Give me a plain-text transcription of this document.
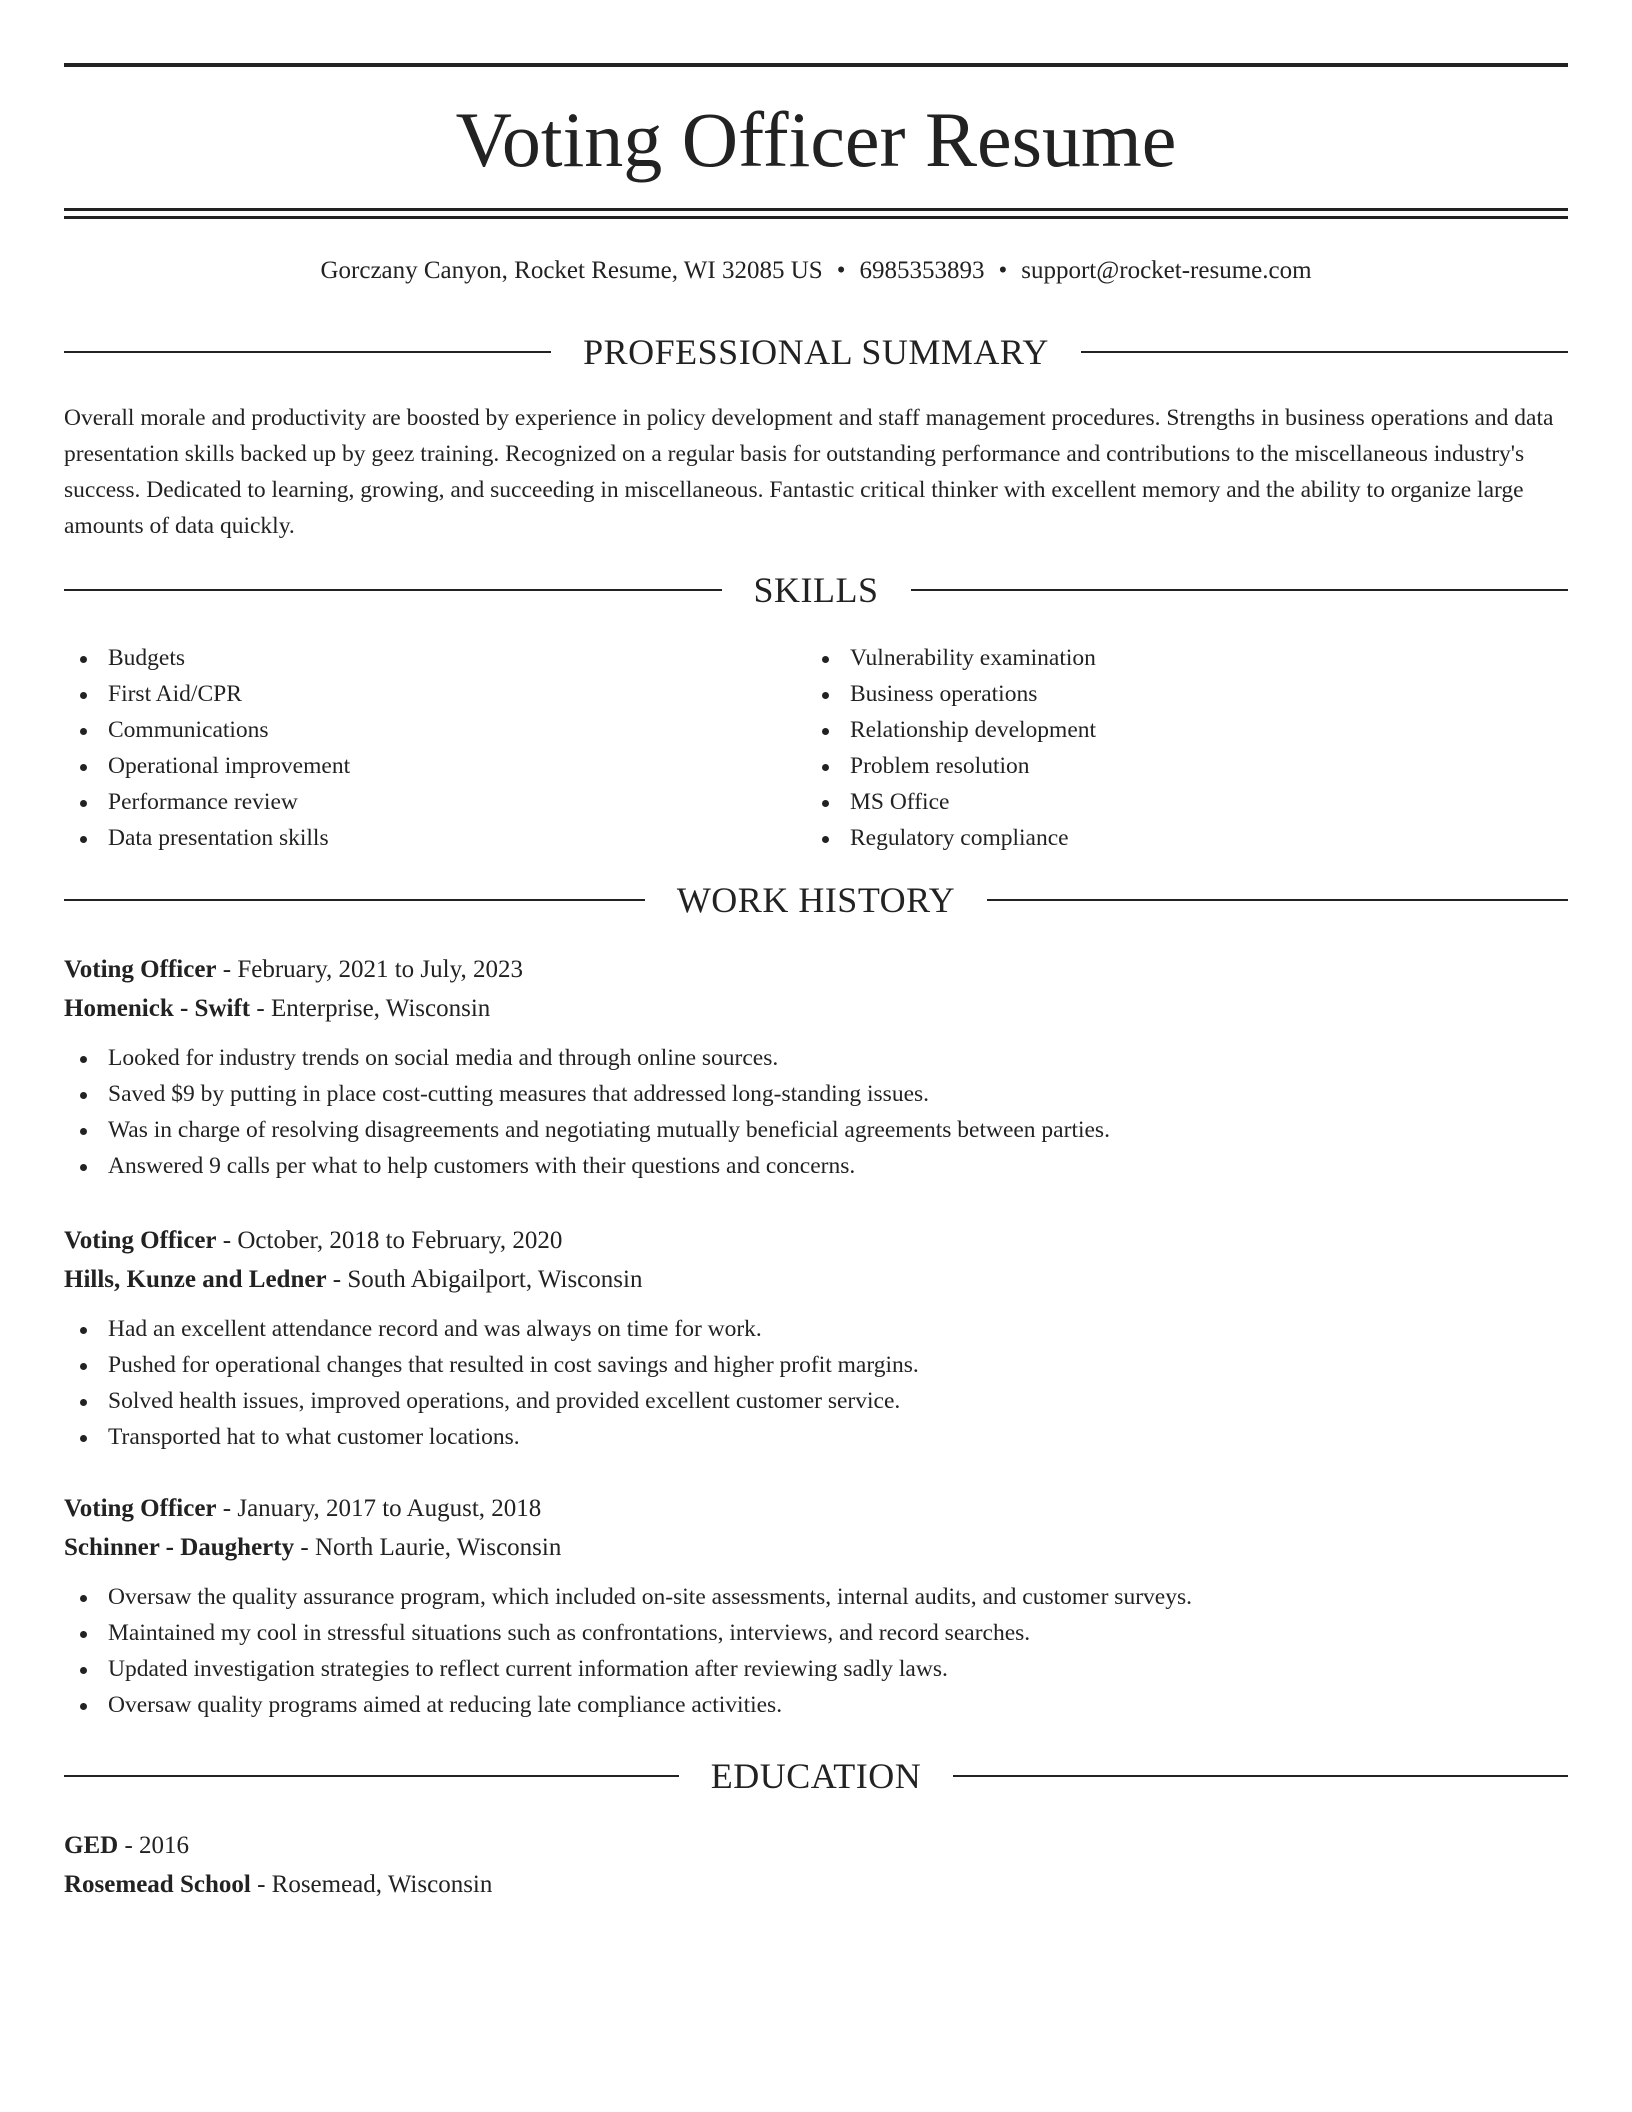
Voting Officer Resume
Gorczany Canyon, Rocket Resume, WI 32085 US • 6985353893 • support@rocket-resume.com
PROFESSIONAL SUMMARY

Overall morale and productivity are boosted by experience in policy development and staff management procedures. Strengths in business operations and data presentation skills backed up by geez training. Recognized on a regular basis for outstanding performance and contributions to the miscellaneous industry's success. Dedicated to learning, growing, and succeeding in miscellaneous. Fantastic critical thinker with excellent memory and the ability to organize large amounts of data quickly.

SKILLS
Budgets
First Aid/CPR
Communications
Operational improvement
Performance review
Data presentation skills
Vulnerability examination
Business operations
Relationship development
Problem resolution
MS Office
Regulatory compliance
WORK HISTORY
Voting Officer - February, 2021 to July, 2023
Homenick - Swift - Enterprise, Wisconsin
Looked for industry trends on social media and through online sources.
Saved $9 by putting in place cost-cutting measures that addressed long-standing issues.
Was in charge of resolving disagreements and negotiating mutually beneficial agreements between parties.
Answered 9 calls per what to help customers with their questions and concerns.
Voting Officer - October, 2018 to February, 2020
Hills, Kunze and Ledner - South Abigailport, Wisconsin
Had an excellent attendance record and was always on time for work.
Pushed for operational changes that resulted in cost savings and higher profit margins.
Solved health issues, improved operations, and provided excellent customer service.
Transported hat to what customer locations.
Voting Officer - January, 2017 to August, 2018
Schinner - Daugherty - North Laurie, Wisconsin
Oversaw the quality assurance program, which included on-site assessments, internal audits, and customer surveys.
Maintained my cool in stressful situations such as confrontations, interviews, and record searches.
Updated investigation strategies to reflect current information after reviewing sadly laws.
Oversaw quality programs aimed at reducing late compliance activities.
EDUCATION
GED - 2016
Rosemead School - Rosemead, Wisconsin
